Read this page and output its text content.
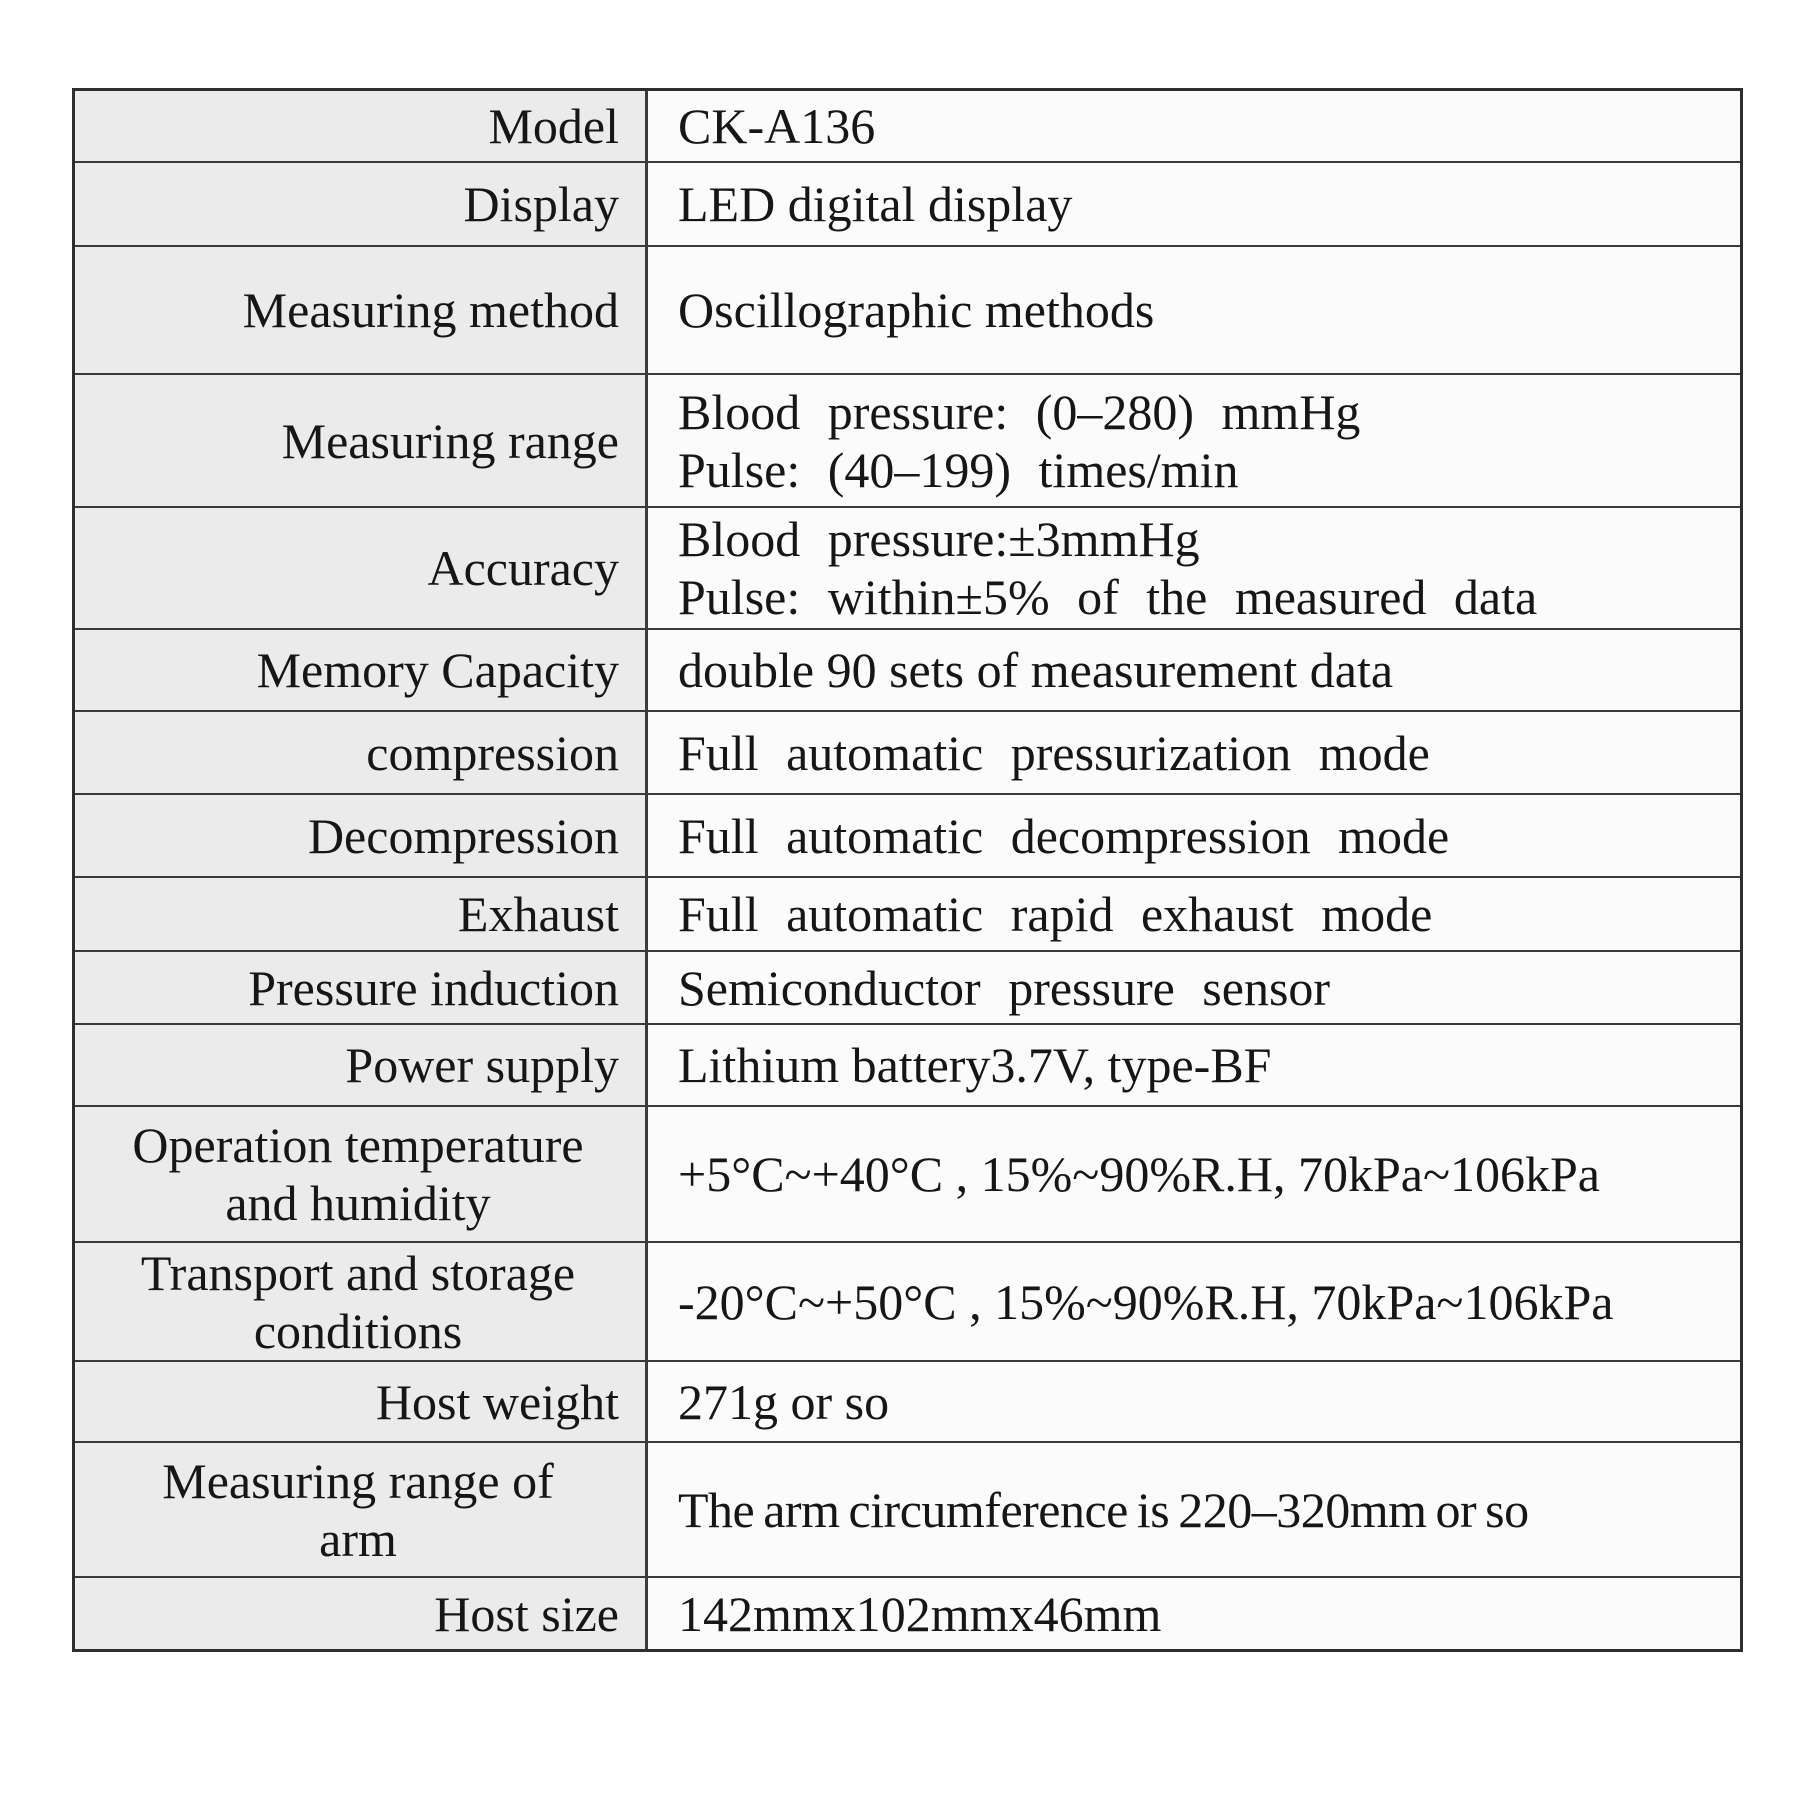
Model CK-A136
Display LED digital display
Measuring method Oscillographic methods
Measuring range
Blood pressure: (0–280) mmHg
Pulse: (40–199) times/min
Accuracy
Blood pressure:±3mmHg
Pulse: within±5% of the measured data
Memory Capacity double 90 sets of measurement data
compression Full automatic pressurization mode
Decompression Full automatic decompression mode
Exhaust Full automatic rapid exhaust mode
Pressure induction Semiconductor pressure sensor
Power supply Lithium battery3.7V, type-BF
Operation temperature
and humidity
+5°C~+40°C , 15%~90%R.H, 70kPa~106kPa
Transport and storage
conditions
-20°C~+50°C , 15%~90%R.H, 70kPa~106kPa
Host weight 271g or so
Measuring range of
arm
The arm circumference is 220–320mm or so
Host size 142mmx102mmx46mm
